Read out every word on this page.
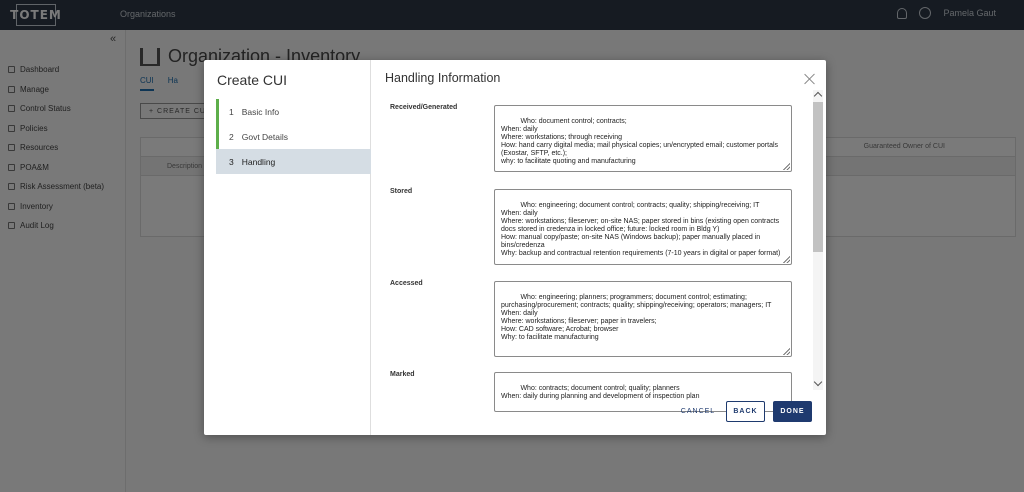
Create CUI
1 Basic Info
2 Govt Details
3 Handling
Handling Information
Received/Generated

Who: document control; contracts;
When: daily
Where: workstations; through receiving
How: hand carry digital media; mail physical copies; un/encrypted email; customer portals (Exostar, SFTP, etc.);
why: to facilitate quoting and manufacturing

Stored

Who: engineering; document control; contracts; quality; shipping/receiving; IT
When: daily
Where: workstations; fileserver; on-site NAS; paper stored in bins (existing open contracts docs stored in credenza in locked office; future: locked room in Bldg Y)
How: manual copy/paste; on-site NAS (Windows backup); paper manually placed in bins/credenza
Why: backup and contractual retention requirements (7-10 years in digital or paper format)

Accessed

Who: engineering; planners; programmers; document control; estimating; purchasing/procurement; contracts; quality; shipping/receiving; operators; managers; IT
When: daily
Where: workstations; fileserver; paper in travelers;
How: CAD software; Acrobat; browser
Why: to facilitate manufacturing

Marked

Who: contracts; document control; quality; planners
When: daily during planning and development of inspection plan

CANCEL	BACK	DONE
